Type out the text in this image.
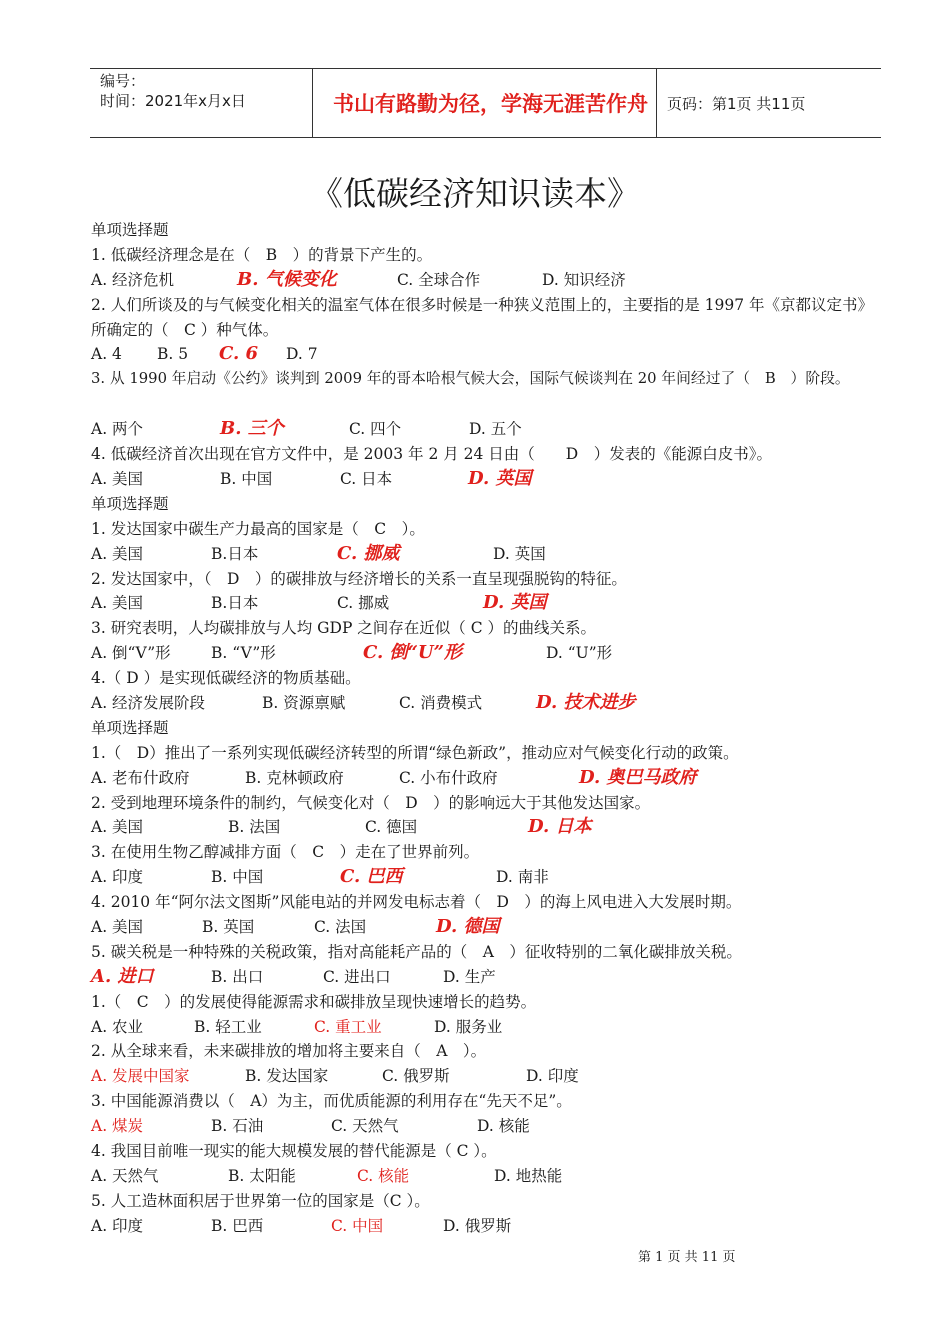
编号：
时间：2021年x月x日	书山有路勤为径，学海无涯苦作舟	页码：第1页 共11页
《低碳经济知识读本》
单项选择题
1. 低碳经济理念是在（　B　）的背景下产生的。
A. 经济危机	B. 气候变化	C. 全球合作	D. 知识经济
2. 人们所谈及的与气候变化相关的温室气体在很多时候是一种狭义范围上的，主要指的是 1997 年《京都议定书》所确定的（　C ）种气体。
A. 4 B. 5 C. 6 D. 7
3. 从 1990 年启动《公约》谈判到 2009 年的哥本哈根气候大会，国际气候谈判在 20 年间经过了（　B　）阶段。
A. 两个	B. 三个	C. 四个	D. 五个
4. 低碳经济首次出现在官方文件中，是 2003 年 2 月 24 日由（　　D　）发表的《能源白皮书》。
A. 美国	B. 中国	C. 日本	D. 英国
单项选择题
1. 发达国家中碳生产力最高的国家是（　C　）。
A. 美国	B.日本	C. 挪威	D. 英国
2. 发达国家中，（　D　）的碳排放与经济增长的关系一直呈现强脱钩的特征。
A. 美国	B.日本	C. 挪威	D. 英国
3. 研究表明，人均碳排放与人均 GDP 之间存在近似（ C ）的曲线关系。
A. 倒“V”形	B. “V”形	C. 倒“U”形	D. “U”形
4.（ D ）是实现低碳经济的物质基础。
A. 经济发展阶段	B. 资源禀赋	C. 消费模式	D. 技术进步
单项选择题
1.（　D）推出了一系列实现低碳经济转型的所谓“绿色新政”，推动应对气候变化行动的政策。
A. 老布什政府	B. 克林顿政府	C. 小布什政府	D. 奥巴马政府
2. 受到地理环境条件的制约，气候变化对（　D　）的影响远大于其他发达国家。
A. 美国	B. 法国	C. 德国	D. 日本
3. 在使用生物乙醇减排方面（　C　）走在了世界前列。
A. 印度	B. 中国	C. 巴西	D. 南非
4. 2010 年“阿尔法文图斯”风能电站的并网发电标志着（　D　）的海上风电进入大发展时期。
A. 美国	B. 英国	C. 法国	D. 德国
5. 碳关税是一种特殊的关税政策，指对高能耗产品的（　A　）征收特别的二氧化碳排放关税。
A. 进口	B. 出口	C. 进出口	D. 生产
1.（　C　）的发展使得能源需求和碳排放呈现快速增长的趋势。
A. 农业	B. 轻工业	C. 重工业	D. 服务业
2. 从全球来看，未来碳排放的增加将主要来自（　A　）。
A. 发展中国家	B. 发达国家	C. 俄罗斯	D. 印度
3. 中国能源消费以（　A）为主，而优质能源的利用存在“先天不足”。
A. 煤炭	B. 石油	C. 天然气	D. 核能
4. 我国目前唯一现实的能大规模发展的替代能源是（ C ）。
A. 天然气	B. 太阳能	C. 核能	D. 地热能
5. 人工造林面积居于世界第一位的国家是（C ）。
A. 印度	B. 巴西	C. 中国	D. 俄罗斯
第 1 页 共 11 页
